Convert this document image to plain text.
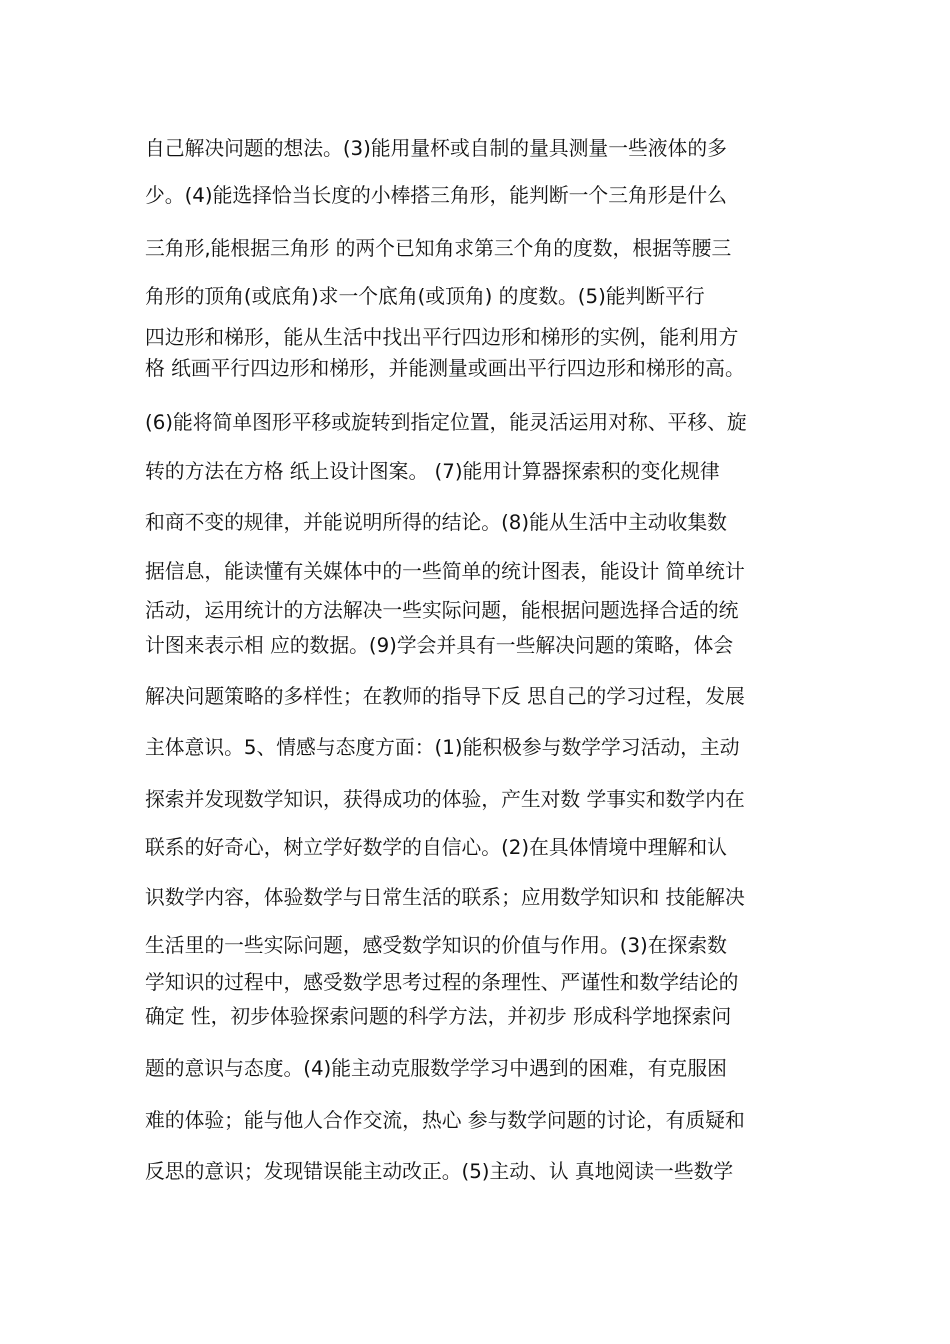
自己解决问题的想法。(3)能用量杯或自制的量具测量一些液体的多
少。(4)能选择恰当长度的小棒搭三角形，能判断一个三角形是什么
三角形,能根据三角形 的两个已知角求第三个角的度数，根据等腰三
角形的顶角(或底角)求一个底角(或顶角) 的度数。(5)能判断平行
四边形和梯形，能从生活中找出平行四边形和梯形的实例，能利用方
格 纸画平行四边形和梯形，并能测量或画出平行四边形和梯形的高。
(6)能将简单图形平移或旋转到指定位置，能灵活运用对称、平移、旋
转的方法在方格 纸上设计图案。 (7)能用计算器探索积的变化规律
和商不变的规律，并能说明所得的结论。(8)能从生活中主动收集数
据信息，能读懂有关媒体中的一些简单的统计图表，能设计 简单统计
活动，运用统计的方法解决一些实际问题，能根据问题选择合适的统
计图来表示相 应的数据。(9)学会并具有一些解决问题的策略，体会
解决问题策略的多样性；在教师的指导下反 思自己的学习过程，发展
主体意识。5、情感与态度方面：(1)能积极参与数学学习活动，主动
探索并发现数学知识，获得成功的体验，产生对数 学事实和数学内在
联系的好奇心，树立学好数学的自信心。(2)在具体情境中理解和认
识数学内容，体验数学与日常生活的联系；应用数学知识和 技能解决
生活里的一些实际问题，感受数学知识的价值与作用。(3)在探索数
学知识的过程中，感受数学思考过程的条理性、严谨性和数学结论的
确定 性，初步体验探索问题的科学方法，并初步 形成科学地探索问
题的意识与态度。(4)能主动克服数学学习中遇到的困难，有克服困
难的体验；能与他人合作交流，热心 参与数学问题的讨论，有质疑和
反思的意识；发现错误能主动改正。(5)主动、认 真地阅读一些数学
